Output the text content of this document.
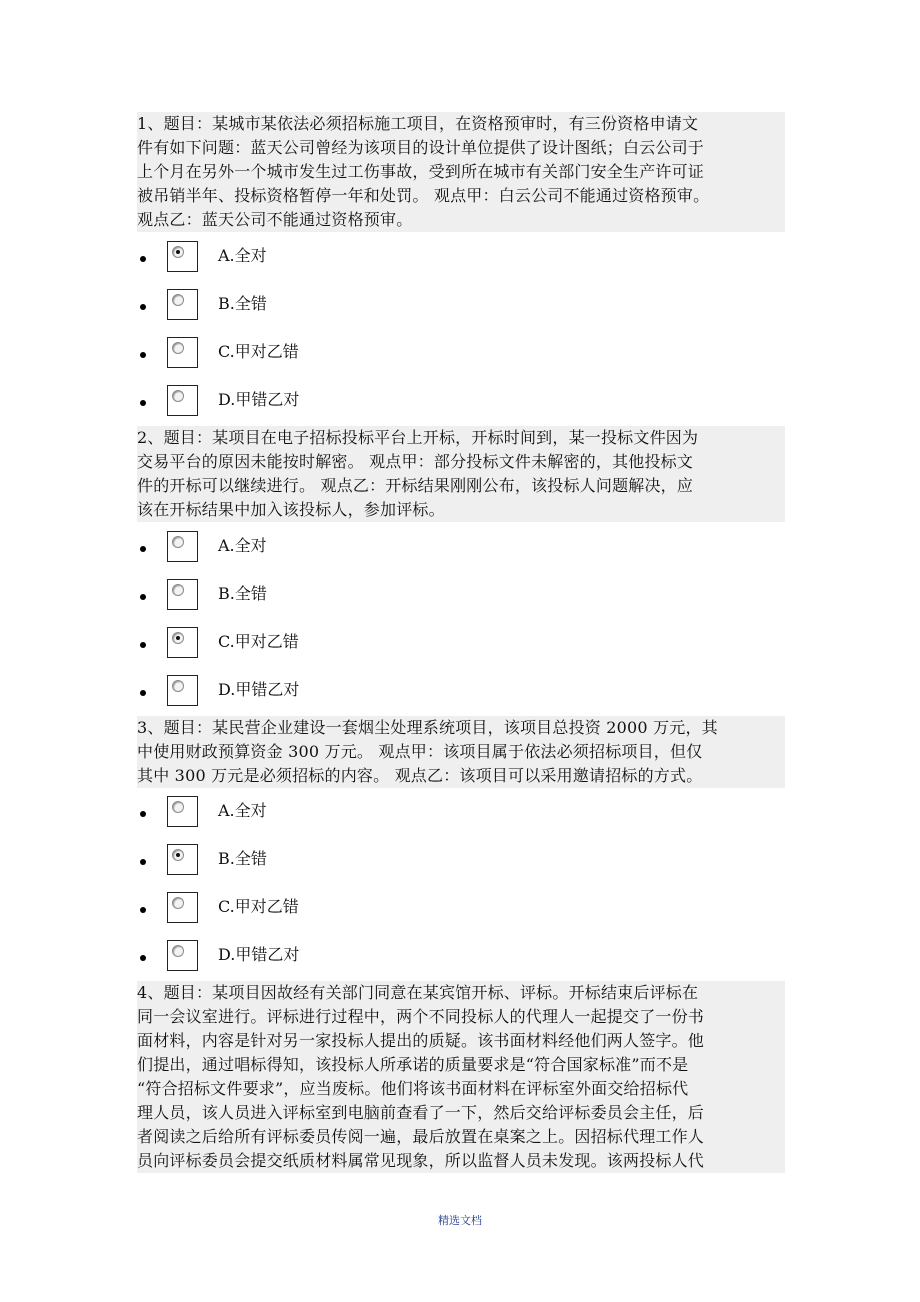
1、题目：某城市某依法必须招标施工项目，在资格预审时，有三份资格申请文

件有如下问题：蓝天公司曾经为该项目的设计单位提供了设计图纸；白云公司于

上个月在另外一个城市发生过工伤事故，受到所在城市有关部门安全生产许可证

被吊销半年、投标资格暂停一年和处罚。 观点甲：白云公司不能通过资格预审。

观点乙：蓝天公司不能通过资格预审。

A.全对
B.全错
C.甲对乙错
D.甲错乙对

2、题目：某项目在电子招标投标平台上开标，开标时间到，某一投标文件因为

交易平台的原因未能按时解密。 观点甲：部分投标文件未解密的，其他投标文

件的开标可以继续进行。 观点乙：开标结果刚刚公布，该投标人问题解决，应

该在开标结果中加入该投标人，参加评标。

A.全对
B.全错
C.甲对乙错
D.甲错乙对

3、题目：某民营企业建设一套烟尘处理系统项目，该项目总投资 2000 万元，其

中使用财政预算资金 300 万元。 观点甲：该项目属于依法必须招标项目，但仅

其中 300 万元是必须招标的内容。 观点乙：该项目可以采用邀请招标的方式。

A.全对
B.全错
C.甲对乙错
D.甲错乙对

4、题目：某项目因故经有关部门同意在某宾馆开标、评标。开标结束后评标在

同一会议室进行。评标进行过程中，两个不同投标人的代理人一起提交了一份书

面材料，内容是针对另一家投标人提出的质疑。该书面材料经他们两人签字。他

们提出，通过唱标得知，该投标人所承诺的质量要求是“符合国家标准”而不是

“符合招标文件要求”，应当废标。他们将该书面材料在评标室外面交给招标代

理人员，该人员进入评标室到电脑前查看了一下，然后交给评标委员会主任，后

者阅读之后给所有评标委员传阅一遍，最后放置在桌案之上。因招标代理工作人

员向评标委员会提交纸质材料属常见现象，所以监督人员未发现。该两投标人代

精选文档
